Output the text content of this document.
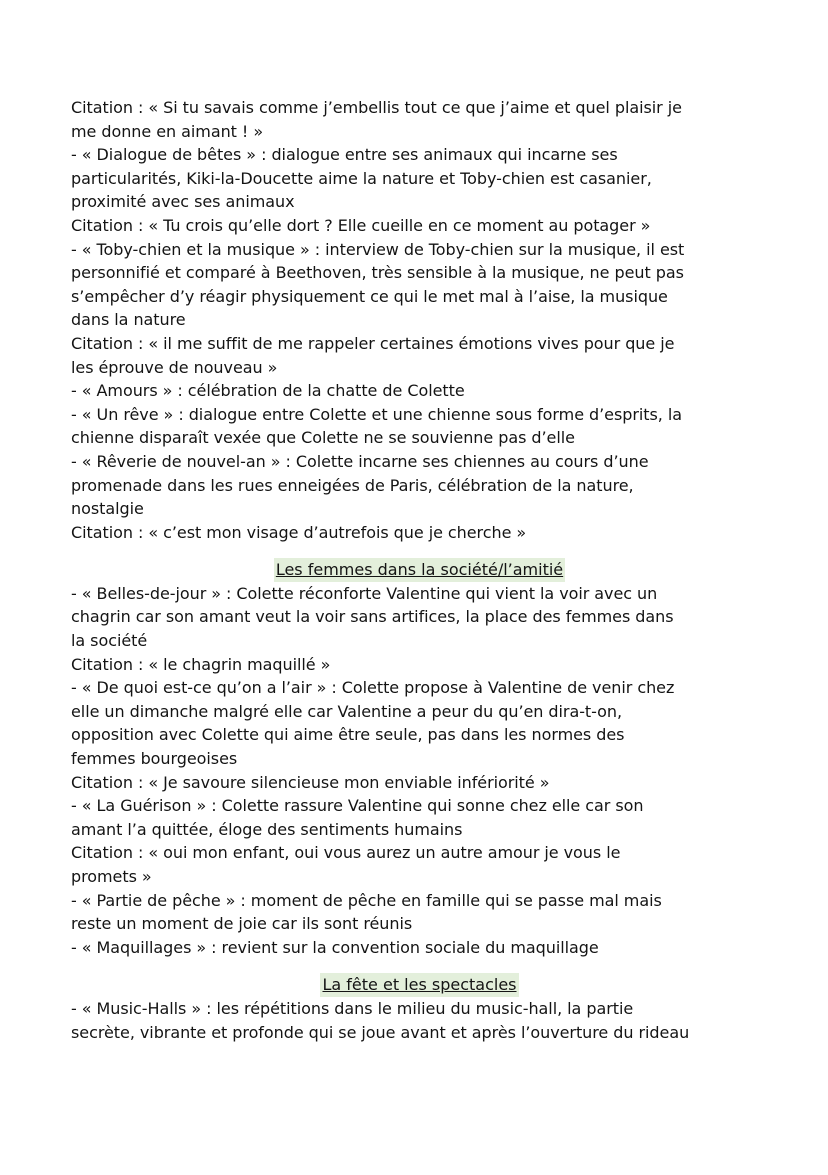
Citation : « Si tu savais comme j’embellis tout ce que j’aime et quel plaisir je
me donne en aimant ! »
- « Dialogue de bêtes » : dialogue entre ses animaux qui incarne ses
particularités, Kiki-la-Doucette aime la nature et Toby-chien est casanier,
proximité avec ses animaux
Citation : « Tu crois qu’elle dort ? Elle cueille en ce moment au potager »
- « Toby-chien et la musique » : interview de Toby-chien sur la musique, il est
personnifié et comparé à Beethoven, très sensible à la musique, ne peut pas
s’empêcher d’y réagir physiquement ce qui le met mal à l’aise, la musique
dans la nature
Citation : « il me suffit de me rappeler certaines émotions vives pour que je
les éprouve de nouveau »
- « Amours » : célébration de la chatte de Colette
- « Un rêve » : dialogue entre Colette et une chienne sous forme d’esprits, la
chienne disparaît vexée que Colette ne se souvienne pas d’elle
- « Rêverie de nouvel-an » : Colette incarne ses chiennes au cours d’une
promenade dans les rues enneigées de Paris, célébration de la nature,
nostalgie
Citation : « c’est mon visage d’autrefois que je cherche »
Les femmes dans la société/l’amitié
- « Belles-de-jour » : Colette réconforte Valentine qui vient la voir avec un
chagrin car son amant veut la voir sans artifices, la place des femmes dans
la société
Citation : « le chagrin maquillé »
- « De quoi est-ce qu’on a l’air » : Colette propose à Valentine de venir chez
elle un dimanche malgré elle car Valentine a peur du qu’en dira-t-on,
opposition avec Colette qui aime être seule, pas dans les normes des
femmes bourgeoises
Citation : « Je savoure silencieuse mon enviable infériorité »
- « La Guérison » : Colette rassure Valentine qui sonne chez elle car son
amant l’a quittée, éloge des sentiments humains
Citation : « oui mon enfant, oui vous aurez un autre amour je vous le
promets »
- « Partie de pêche » : moment de pêche en famille qui se passe mal mais
reste un moment de joie car ils sont réunis
- « Maquillages » : revient sur la convention sociale du maquillage
La fête et les spectacles
- « Music-Halls » : les répétitions dans le milieu du music-hall, la partie
secrète, vibrante et profonde qui se joue avant et après l’ouverture du rideau
